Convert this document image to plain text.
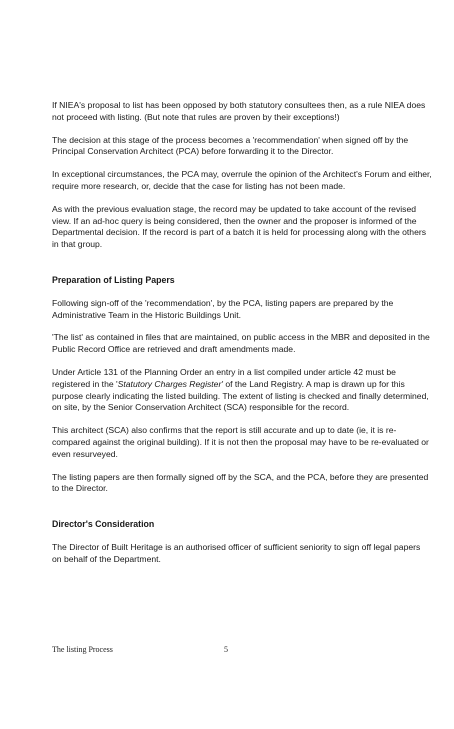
If NIEA's proposal to list has been opposed by both statutory consultees then, as a rule NIEA does not proceed with listing. (But note that rules are proven by their exceptions!)

The decision at this stage of the process becomes a 'recommendation' when signed off by the Principal Conservation Architect (PCA) before forwarding it to the Director.

In exceptional circumstances, the PCA may, overrule the opinion of the Architect's Forum and either, require more research, or, decide that the case for listing has not been made.

As with the previous evaluation stage, the record may be updated to take account of the revised view. If an ad-hoc query is being considered, then the owner and the proposer is informed of the Departmental decision. If the record is part of a batch it is held for processing along with the others in that group.

Preparation of Listing Papers

Following sign-off of the 'recommendation', by the PCA, listing papers are prepared by the Administrative Team in the Historic Buildings Unit.

'The list' as contained in files that are maintained, on public access in the MBR and deposited in the Public Record Office are retrieved and draft amendments made.

Under Article 131 of the Planning Order an entry in a list compiled under article 42 must be registered in the 'Statutory Charges Register' of the Land Registry. A map is drawn up for this purpose clearly indicating the listed building. The extent of listing is checked and finally determined, on site, by the Senior Conservation Architect (SCA) responsible for the record.

This architect (SCA) also confirms that the report is still accurate and up to date (ie, it is re-compared against the original building). If it is not then the proposal may have to be re-evaluated or even resurveyed.

The listing papers are then formally signed off by the SCA, and the PCA, before they are presented to the Director.

Director's Consideration

The Director of Built Heritage is an authorised officer of sufficient seniority to sign off legal papers on behalf of the Department.

The listing Process	5
